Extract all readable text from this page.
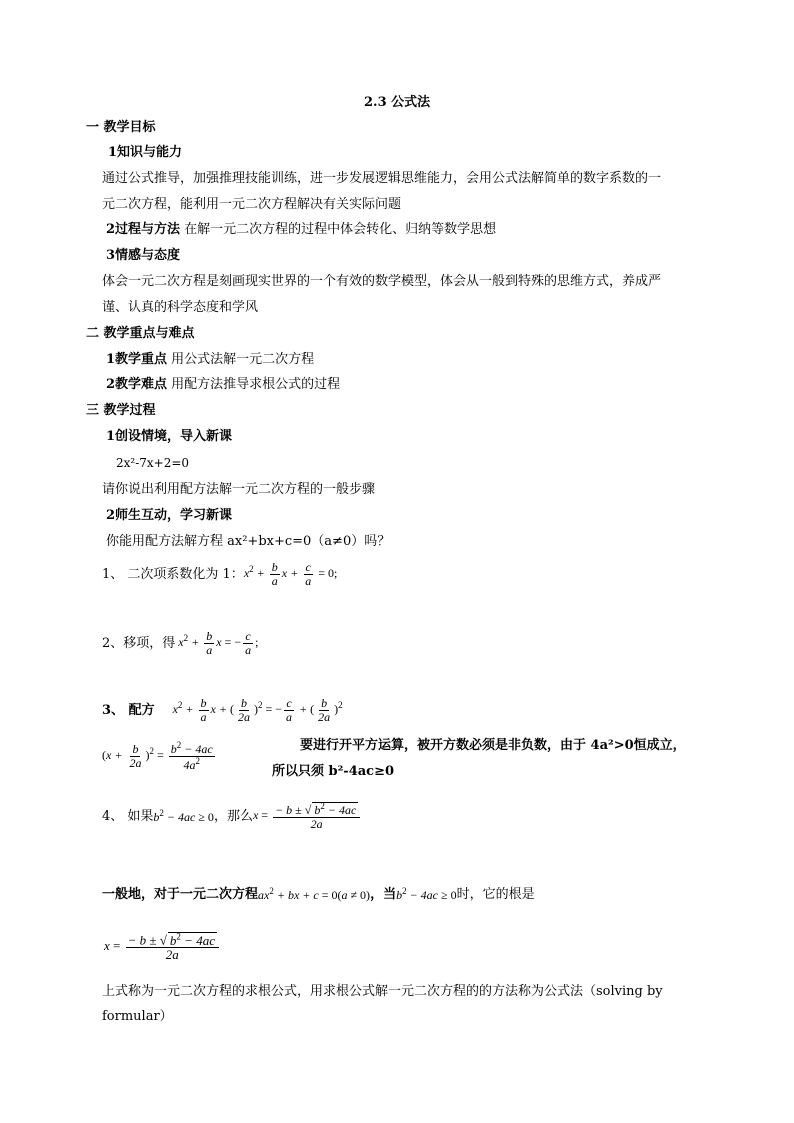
2.3 公式法
一 教学目标
1知识与能力
通过公式推导，加强推理技能训练，进一步发展逻辑思维能力，会用公式法解简单的数字系数的一
元二次方程，能利用一元二次方程解决有关实际问题
2过程与方法 在解一元二次方程的过程中体会转化、归纳等数学思想
3情感与态度
体会一元二次方程是刻画现实世界的一个有效的数学模型，体会从一般到特殊的思维方式，养成严
谨、认真的科学态度和学风
二 教学重点与难点
1教学重点 用公式法解一元二次方程
2教学难点 用配方法推导求根公式的过程
三 教学过程
1创设情境，导入新课
2x²-7x+2=0
请你说出利用配方法解一元二次方程的一般步骤
2师生互动，学习新课
你能用配方法解方程 ax²+bx+c=0（a≠0）吗？
1、 二次项系数化为 1： $x^2 + \frac{b}{a}$ $x + \frac{c}{a} = 0$;
2、移项，得 $x^2 + \frac{b}{a}$ x = − $\frac{c}{a}$ ;
3、 配方 $x^2 + \frac{b}{a}$ x + ( $\frac{b}{2a} )^2$ = − $\frac{c}{a}$ + ( $\frac{b}{2a} )^2$
$(x + \frac{b}{2a} )^2 = \frac{b^2 - 4ac}{4a^2}$	要进行开平方运算，被开方数必须是非负数，由于 4a²>0恒成立，
所以只须 b²-4ac≥0
4、 如果 $b^2 - 4ac \ge 0$ ，那么 $x = \frac{- b \pm √ b^2 - 4ac}{2a}$
一般地，对于一元二次方程 $ax^2$ + bx + c = 0(a ≠ 0) ，当 $b^2 - 4ac \ge 0$ 时，它的根是
$x = \frac{- b \pm √ b^2 - 4ac}{2a}$
上式称为一元二次方程的求根公式，用求根公式解一元二次方程的的方法称为公式法（solving by
formular）
